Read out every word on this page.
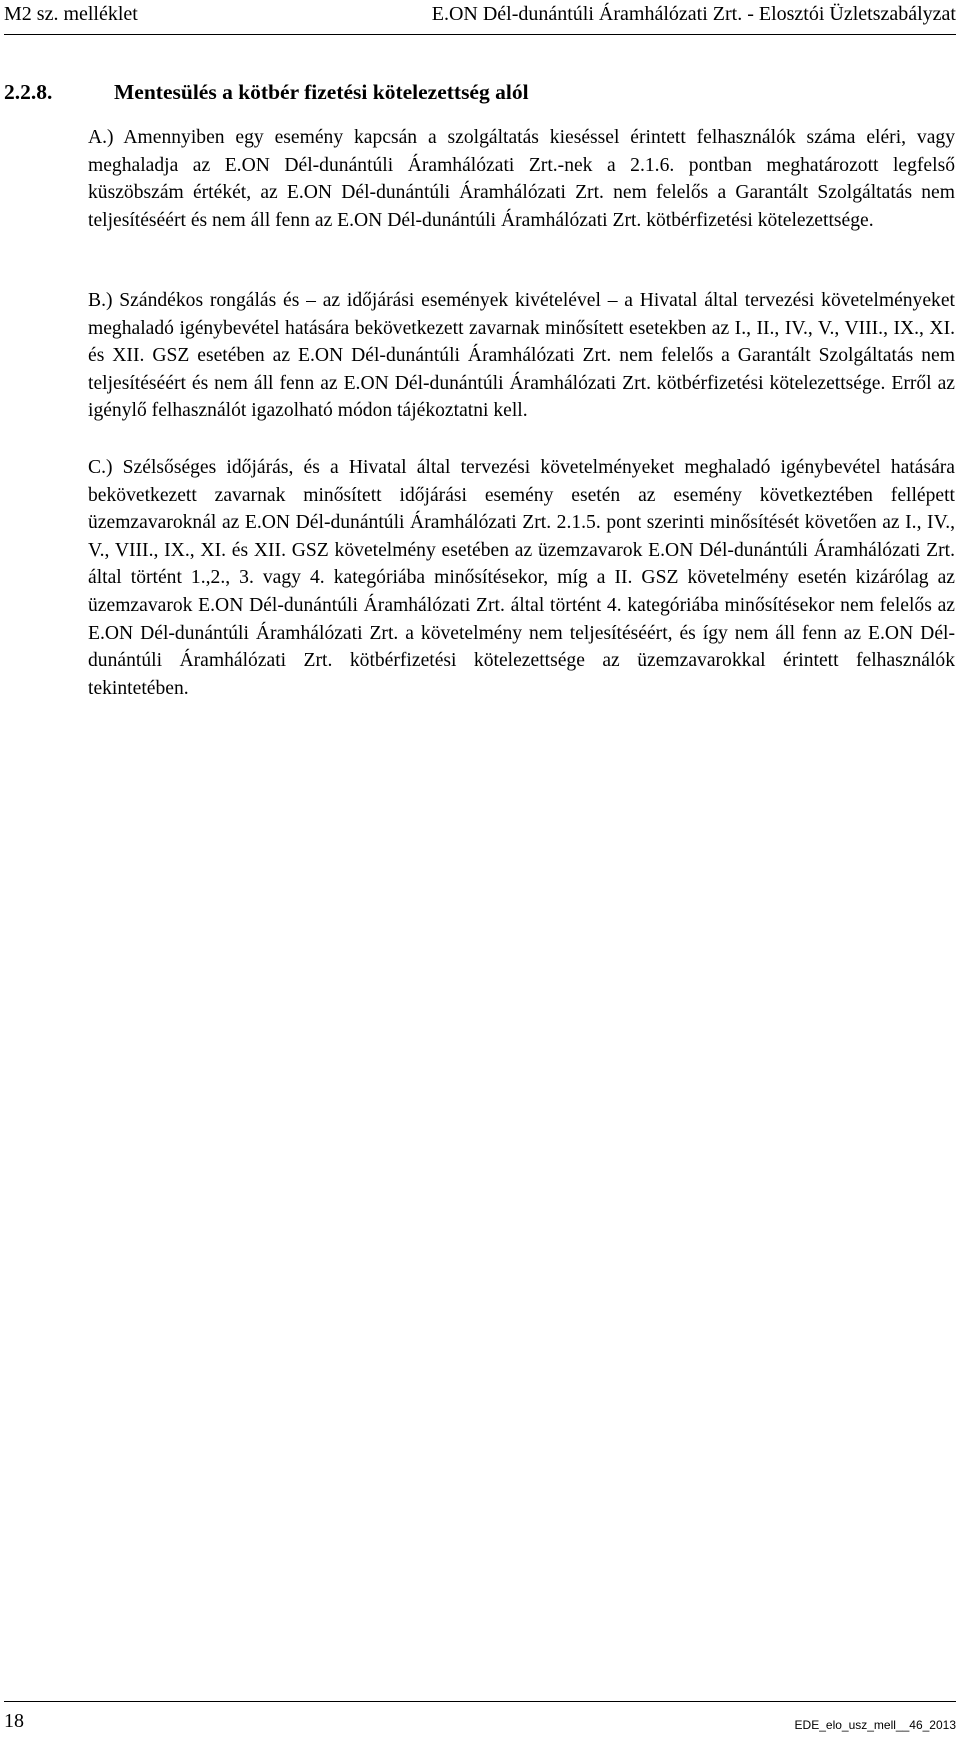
M2 sz. melléklet	E.ON Dél-dunántúli Áramhálózati Zrt. - Elosztói Üzletszabályzat
2.2.8.	Mentesülés a kötbér fizetési kötelezettség alól

A.) Amennyiben egy esemény kapcsán a szolgáltatás kieséssel érintett felhasználók száma eléri, vagy meghaladja az E.ON Dél-dunántúli Áramhálózati Zrt.-nek a 2.1.6. pontban meghatározott legfelső küszöbszám értékét, az E.ON Dél-dunántúli Áramhálózati Zrt. nem felelős a Garantált Szolgáltatás nem teljesítéséért és nem áll fenn az E.ON Dél-dunántúli Áramhálózati Zrt. kötbérfizetési kötelezettsége.

B.) Szándékos rongálás és – az időjárási események kivételével – a Hivatal által tervezési követelményeket meghaladó igénybevétel hatására bekövetkezett zavarnak minősített esetekben az I., II., IV., V., VIII., IX., XI. és XII. GSZ esetében az E.ON Dél-dunántúli Áramhálózati Zrt. nem felelős a Garantált Szolgáltatás nem teljesítéséért és nem áll fenn az E.ON Dél-dunántúli Áramhálózati Zrt. kötbérfizetési kötelezettsége. Erről az igénylő felhasználót igazolható módon tájékoztatni kell.

C.) Szélsőséges időjárás, és a Hivatal által tervezési követelményeket meghaladó igénybevétel hatására bekövetkezett zavarnak minősített időjárási esemény esetén az esemény következtében fellépett üzemzavaroknál az E.ON Dél-dunántúli Áramhálózati Zrt. 2.1.5. pont szerinti minősítését követően az I., IV., V., VIII., IX., XI. és XII. GSZ követelmény esetében az üzemzavarok E.ON Dél-dunántúli Áramhálózati Zrt. által történt 1.,2., 3. vagy 4. kategóriába minősítésekor, míg a II. GSZ követelmény esetén kizárólag az üzemzavarok E.ON Dél-dunántúli Áramhálózati Zrt. által történt 4. kategóriába minősítésekor nem felelős az E.ON Dél-dunántúli Áramhálózati Zrt. a követelmény nem teljesítéséért, és így nem áll fenn az E.ON Dél-dunántúli Áramhálózati Zrt. kötbérfizetési kötelezettsége az üzemzavarokkal érintett felhasználók tekintetében.

18	EDE_elo_usz_mell__46_2013
